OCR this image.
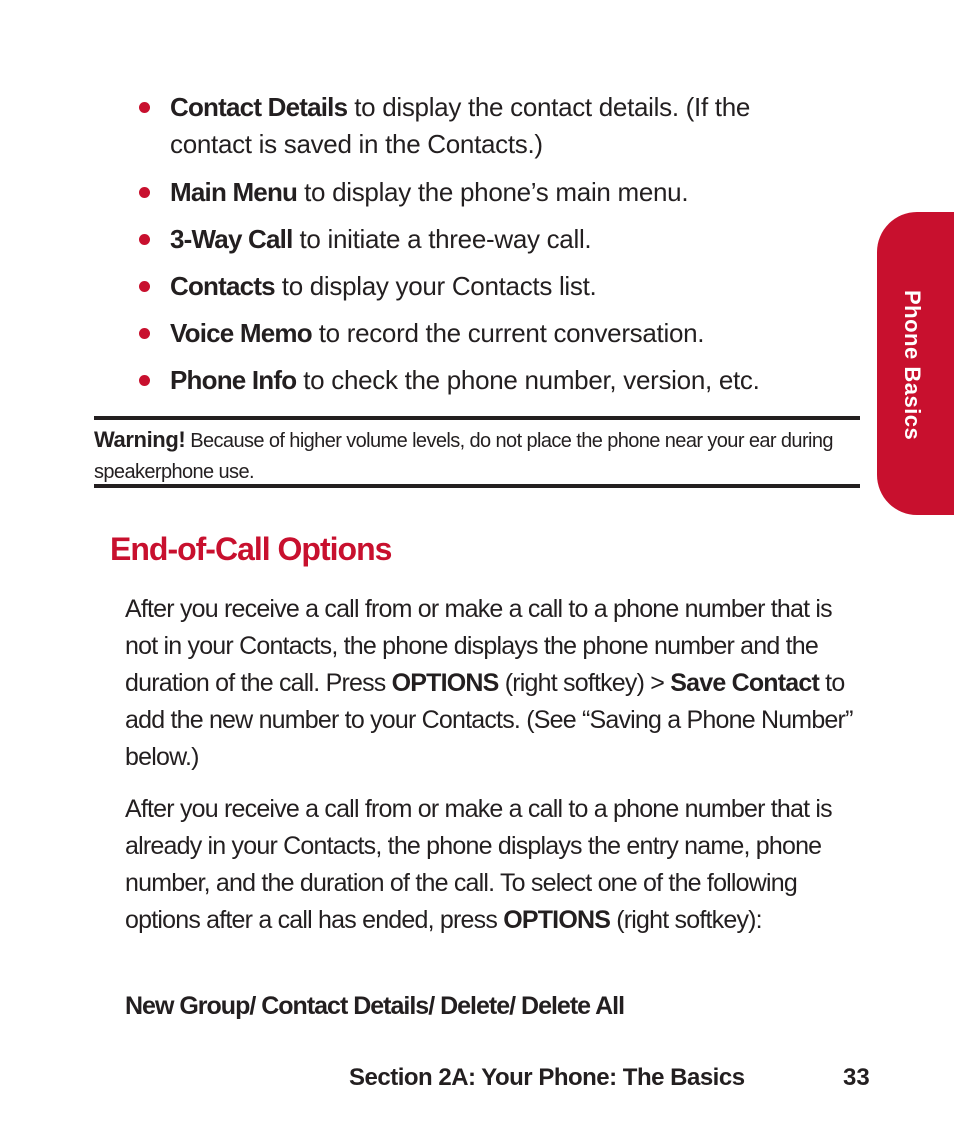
Contact Details to display the contact details. (If the contact is saved in the Contacts.)
Main Menu to display the phone’s main menu.
3-Way Call to initiate a three-way call.
Contacts to display your Contacts list.
Voice Memo to record the current conversation.
Phone Info to check the phone number, version, etc.
Warning! Because of higher volume levels, do not place the phone near your ear during speakerphone use.
Phone Basics
End-of-Call Options

After you receive a call from or make a call to a phone number that is not in your Contacts, the phone displays the phone number and the duration of the call. Press OPTIONS (right softkey) > Save Contact to add the new number to your Contacts. (See “Saving a Phone Number” below.)

After you receive a call from or make a call to a phone number that is already in your Contacts, the phone displays the entry name, phone number, and the duration of the call. To select one of the following options after a call has ended, press OPTIONS (right softkey):

New Group/ Contact Details/ Delete/ Delete All
Section 2A: Your Phone: The Basics	33
